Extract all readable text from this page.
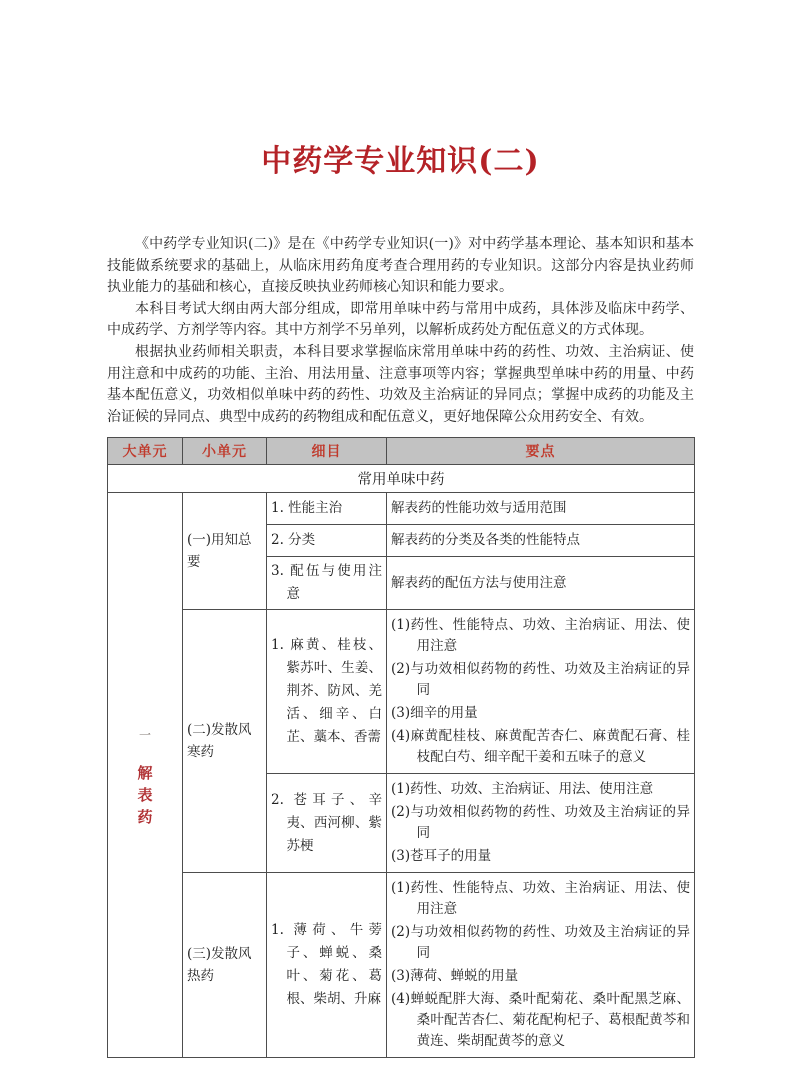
中药学专业知识(二)

《中药学专业知识(二)》是在《中药学专业知识(一)》对中药学基本理论、基本知识和基本技能做系统要求的基础上，从临床用药角度考查合理用药的专业知识。这部分内容是执业药师执业能力的基础和核心，直接反映执业药师核心知识和能力要求。

本科目考试大纲由两大部分组成，即常用单味中药与常用中成药，具体涉及临床中药学、中成药学、方剂学等内容。其中方剂学不另单列，以解析成药处方配伍意义的方式体现。

根据执业药师相关职责，本科目要求掌握临床常用单味中药的药性、功效、主治病证、使用注意和中成药的功能、主治、用法用量、注意事项等内容；掌握典型单味中药的用量、中药基本配伍意义，功效相似单味中药的药性、功效及主治病证的异同点；掌握中成药的功能及主治证候的异同点、典型中成药的药物组成和配伍意义，更好地保障公众用药安全、有效。

大单元	小单元	细目	要点
常用单味中药			

一
解
表
药	(一)用知总要	1. 性能主治	解表药的性能功效与适用范围

		2. 分类	解表药的分类及各类的性能特点

		3. 配伍与使用注意	解表药的配伍方法与使用注意

	(二)发散风寒药	1. 麻黄、桂枝、紫苏叶、生姜、荆芥、防风、羌活、细辛、白芷、藁本、香薷	(1)药性、性能特点、功效、主治病证、用法、使用注意
(2)与功效相似药物的药性、功效及主治病证的异同
(3)细辛的用量
(4)麻黄配桂枝、麻黄配苦杏仁、麻黄配石膏、桂枝配白芍、细辛配干姜和五味子的意义

		2. 苍耳子、辛夷、西河柳、紫苏梗	(1)药性、功效、主治病证、用法、使用注意
(2)与功效相似药物的药性、功效及主治病证的异同
(3)苍耳子的用量

	(三)发散风热药	1. 薄荷、牛蒡子、蝉蜕、桑叶、菊花、葛根、柴胡、升麻	(1)药性、性能特点、功效、主治病证、用法、使用注意
(2)与功效相似药物的药性、功效及主治病证的异同
(3)薄荷、蝉蜕的用量
(4)蝉蜕配胖大海、桑叶配菊花、桑叶配黑芝麻、桑叶配苦杏仁、菊花配枸杞子、葛根配黄芩和黄连、柴胡配黄芩的意义
